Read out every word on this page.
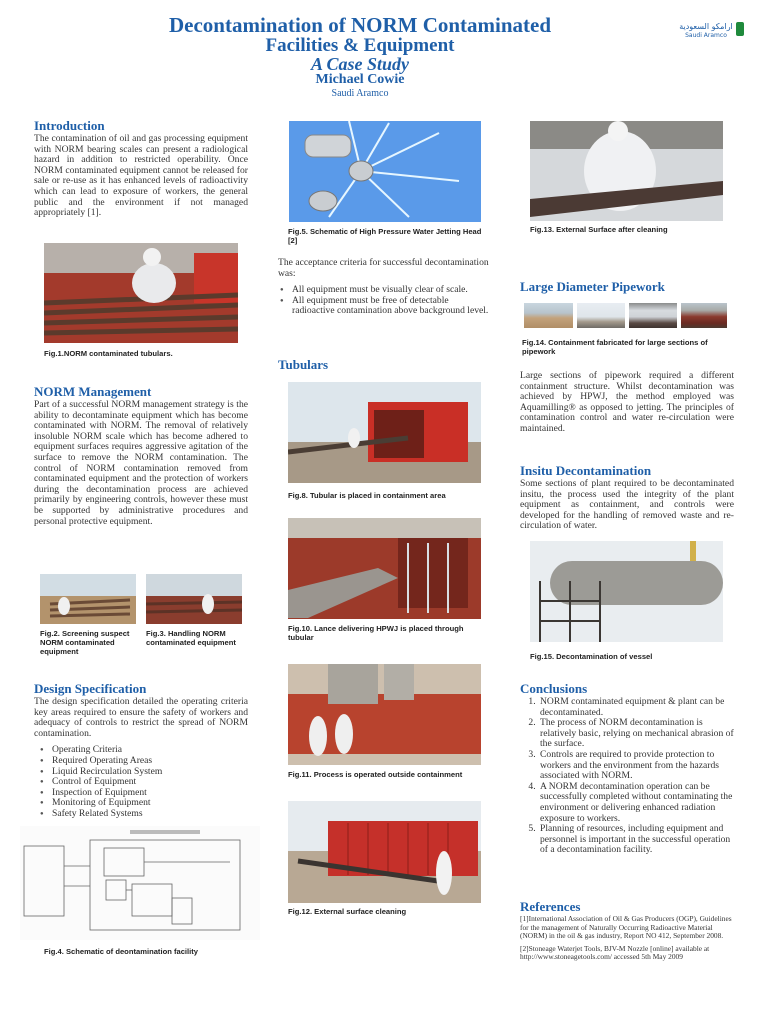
Decontamination of NORM Contaminated
Facilities & Equipment
A Case Study
Michael Cowie
Saudi Aramco
ارامكو السعودية
Saudi Aramco
Introduction

The contamination of oil and gas processing equipment with NORM bearing scales can present a radiological hazard in addition to restricted operability. Once NORM contaminated equipment cannot be released for sale or re-use as it has enhanced levels of radioactivity which can lead to exposure of workers, the general public and the environment if not managed appropriately [1].

Fig.1.NORM contaminated tubulars.
NORM Management

Part of a successful NORM management strategy is the ability to decontaminate equipment which has become contaminated with NORM. The removal of relatively insoluble NORM scale which has become adhered to equipment surfaces requires aggressive agitation of the surface to remove the NORM contamination. The control of NORM contamination removed from contaminated equipment and the protection of workers during the decontamination process are achieved primarily by engineering controls, however these must be supported by administrative procedures and personal protective equipment.

Fig.2. Screening suspect NORM contaminated equipment
Fig.3. Handling NORM contaminated equipment
Design Specification

The design specification detailed the operating criteria key areas required to ensure the safety of workers and adequacy of controls to restrict the spread of NORM contamination.

● Operating Criteria
● Required Operating Areas
● Liquid Recirculation System
● Control of Equipment
● Inspection of Equipment
● Monitoring of Equipment
● Safety Related Systems
Fig.4. Schematic of deontamination facility
Fig.5. Schematic of High Pressure Water Jetting Head [2]

The acceptance criteria for successful decontamination was:

● All equipment must be visually clear of scale.
● All equipment must be free of detectable radioactive contamination above background level.
Tubulars
Fig.8. Tubular is placed in containment area
Fig.10. Lance delivering HPWJ is placed through tubular
Fig.11. Process is operated outside containment
Fig.12. External surface cleaning
Fig.13. External Surface after cleaning
Large Diameter Pipework
Fig.14. Containment fabricated for large sections of pipework

Large sections of pipework required a different containment structure. Whilst decontamination was achieved by HPWJ, the method employed was Aquamilling® as opposed to jetting. The principles of contamination control and water re-circulation were maintained.

Insitu Decontamination

Some sections of plant required to be decontaminated insitu, the process used the integrity of the plant equipment as containment, and controls were developed for the handling of removed waste and re-circulation of water.

Fig.15. Decontamination of vessel
Conclusions
1. NORM contaminated equipment & plant can be decontaminated.
2. The process of NORM decontamination is relatively basic, relying on mechanical abrasion of the surface.
3. Controls are required to provide protection to workers and the environment from the hazards associated with NORM.
4. A NORM decontamination operation can be successfully completed without contaminating the environment or delivering enhanced radiation exposure to workers.
5. Planning of resources, including equipment and personnel is important in the successful operation of a decontamination facility.
References

[1]International Association of Oil & Gas Producers (OGP), Guidelines for the management of Naturally Occurring Radioactive Material (NORM) in the oil & gas industry, Report NO 412, September 2008.

[2]Stoneage Waterjet Tools, BJV-M Nozzle [online] available at http://www.stoneagetools.com/ accessed 5th May 2009
